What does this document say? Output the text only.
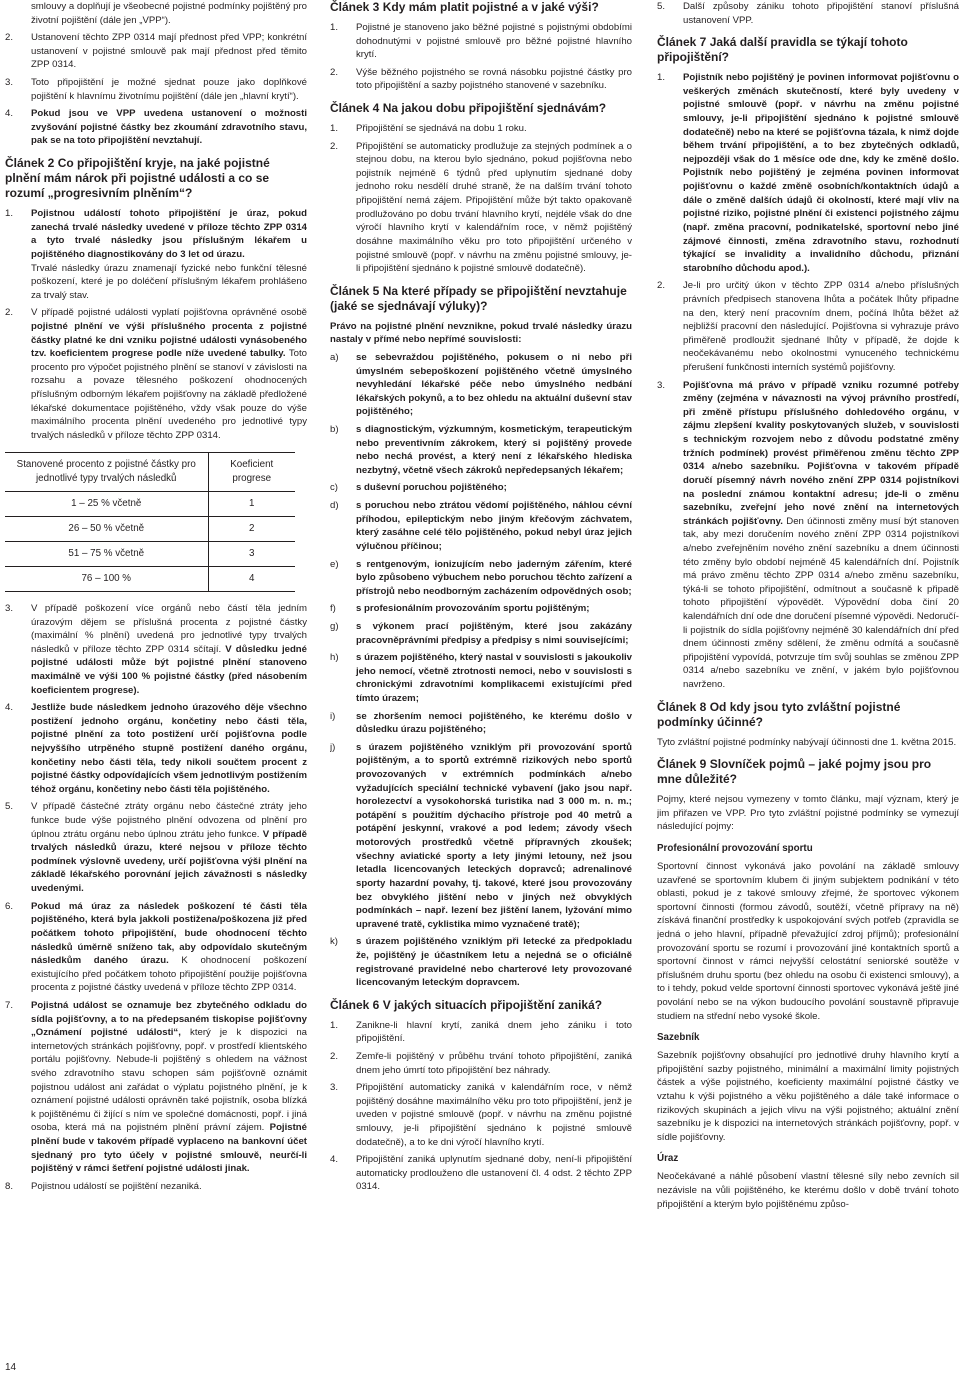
smlouvy a doplňují je všeobecné pojistné podmínky pojištěný pro životní pojištění (dále jen „VPP“).

2.	Ustanovení těchto ZPP 0314 mají přednost před VPP; konkrétní ustanovení v pojistné smlouvě pak mají přednost před těmito ZPP 0314.
3.	Toto připojištění je možné sjednat pouze jako doplňkové pojištění k hlavnímu životnímu pojištění (dále jen „hlavní krytí“).
4.	Pokud jsou ve VPP uvedena ustanovení o možnosti zvyšování pojistné částky bez zkoumání zdravotního stavu, pak se na toto připojištění nevztahují.
Článek 2 Co připojištění kryje, na jaké pojistné plnění mám nárok při pojistné události a co se rozumí „progresivním plněním“?
1.	Pojistnou událostí tohoto připojištění je úraz, pokud zanechá trvalé následky uvedené v příloze těchto ZPP 0314 a tyto trvalé následky jsou příslušným lékařem u pojištěného diagnostikovány do 3 let od úrazu.
Trvalé následky úrazu znamenají fyzické nebo funkční tělesné poškození, které je po doléčení příslušným lékařem prohlášeno za trvalý stav.
2.	V případě pojistné události vyplatí pojišťovna oprávněné osobě pojistné plnění ve výši příslušného procenta z pojistné částky platné ke dni vzniku pojistné události vynásobeného tzv. koeficientem progrese podle níže uvedené tabulky. Toto procento pro výpočet pojistného plnění se stanoví v závislosti na rozsahu a povaze tělesného poškození ohodnocených příslušným odborným lékařem pojišťovny na základě předložené lékařské dokumentace pojištěného, vždy však pouze do výše maximálního procenta plnění uvedeného pro jednotlivé typy trvalých následků v příloze těchto ZPP 0314.
Stanovené procento z pojistné částky pro jednotlivé typy trvalých následků	Koeficient progrese
1 – 25 % včetně	1
26 – 50 % včetně	2
51 – 75 % včetně	3
76 – 100 %	4
3.	V případě poškození více orgánů nebo částí těla jedním úrazovým dějem se příslušná procenta z pojistné částky (maximální % plnění) uvedená pro jednotlivé typy trvalých následků v příloze těchto ZPP 0314 sčítají. V důsledku jedné pojistné události může být pojistné plnění stanoveno maximálně ve výši 100 % pojistné částky (před násobením koeficientem progrese).
4.	Jestliže bude následkem jednoho úrazového děje všechno postižení jednoho orgánu, končetiny nebo části těla, pojistné plnění za toto postižení určí pojišťovna podle nejvyššího utrpěného stupně postižení daného orgánu, končetiny nebo části těla, tedy nikoli součtem procent z pojistné částky odpovídajících všem jednotlivým postižením téhož orgánu, končetiny nebo části těla pojištěného.
5.	V případě částečné ztráty orgánu nebo částečné ztráty jeho funkce bude výše pojistného plnění odvozena od plnění pro úplnou ztrátu orgánu nebo úplnou ztrátu jeho funkce. V případě trvalých následků úrazu, které nejsou v příloze těchto podmínek výslovně uvedeny, určí pojišťovna výši plnění na základě lékařského porovnání jejich závažnosti s následky uvedenými.
6.	Pokud má úraz za následek poškození té části těla pojištěného, která byla jakkoli postižena/poškozena již před počátkem tohoto připojištění, bude ohodnocení těchto následků úměrně sníženo tak, aby odpovídalo skutečným následkům daného úrazu. K ohodnocení poškození existujícího před počátkem tohoto připojištění použije pojišťovna procenta z pojistné částky uvedená v příloze těchto ZPP 0314.
7.	Pojistná událost se oznamuje bez zbytečného odkladu do sídla pojišťovny, a to na předepsaném tiskopise pojišťovny „Oznámení pojistné události“, který je k dispozici na internetových stránkách pojišťovny, popř. v prostředí klientského portálu pojišťovny. Nebude-li pojištěný s ohledem na vážnost svého zdravotního stavu schopen sám pojišťovně oznámit pojistnou událost ani zařádat o výplatu pojistného plnění, je k oznámení pojistné události oprávněn také pojistník, osoba blízká k pojištěnému či žijící s ním ve společné domácnosti, popř. i jiná osoba, která má na pojistném plnění právní zájem. Pojistné plnění bude v takovém případě vyplaceno na bankovní účet sjednaný pro tyto účely v pojistné smlouvě, neurčí-li pojištěný v rámci šetření pojistné události jinak.
8.	Pojistnou událostí se pojištění nezaniká.
Článek 3 Kdy mám platit pojistné a v jaké výši?
1.	Pojistné je stanoveno jako běžné pojistné s pojistnými obdobími dohodnutými v pojistné smlouvě pro běžné pojistné hlavního krytí.
2.	Výše běžného pojistného se rovná násobku pojistné částky pro toto připojištění a sazby pojistného stanovené v sazebníku.
Článek 4 Na jakou dobu připojištění sjednávám?
1.	Připojištění se sjednává na dobu 1 roku.
2.	Připojištění se automaticky prodlužuje za stejných podmínek a o stejnou dobu, na kterou bylo sjednáno, pokud pojišťovna nebo pojistník nejméně 6 týdnů před uplynutím sjednané doby jednoho roku nesdělí druhé straně, že na dalším trvání tohoto připojištění nemá zájem. Připojištění může být takto opakovaně prodlužováno po dobu trvání hlavního krytí, nejdéle však do dne výročí hlavního krytí v kalendářním roce, v němž pojištěný dosáhne maximálního věku pro toto připojištění určeného v pojistné smlouvě (popř. v návrhu na změnu pojistné smlouvy, je-li připojištění sjednáno k pojistné smlouvě dodatečně).
Článek 5 Na které případy se připojištění nevztahuje (jaké se sjednávají výluky)?

Právo na pojistné plnění nevznikne, pokud trvalé následky úrazu nastaly v přímé nebo nepřímé souvislosti:

a)	se sebevraždou pojištěného, pokusem o ni nebo při úmyslném sebepoškození pojištěného včetně úmyslného nevyhledání lékařské péče nebo úmyslného nedbání lékařských pokynů, a to bez ohledu na aktuální duševní stav pojištěného;
b)	s diagnostickým, výzkumným, kosmetickým, terapeutickým nebo preventivním zákrokem, který si pojištěný provede nebo nechá provést, a který není z lékařského hlediska nezbytný, včetně všech zákroků nepředepsaných lékařem;
c)	s duševní poruchou pojištěného;
d)	s poruchou nebo ztrátou vědomí pojištěného, náhlou cévní příhodou, epileptickým nebo jiným křečovým záchvatem, který zasáhne celé tělo pojištěného, pokud nebyl úraz jejich výlučnou příčinou;
e)	s rentgenovým, ionizujícím nebo jaderným zářením, které bylo způsobeno výbuchem nebo poruchou těchto zařízení a přístrojů nebo neodborným zacházením odpovědných osob;
f)	s profesionálním provozováním sportu pojištěným;
g)	s výkonem prací pojištěným, které jsou zakázány pracovněprávními předpisy a předpisy s nimi souvisejícími;
h)	s úrazem pojištěného, který nastal v souvislosti s jakoukoliv jeho nemocí, včetně ztrotnosti nemoci, nebo v souvislosti s chronickými zdravotními komplikacemi existujícími před tímto úrazem;
i)	se zhoršením nemoci pojištěného, ke kterému došlo v důsledku úrazu pojištěného;
j)	s úrazem pojištěného vzniklým při provozování sportů pojištěným, a to sportů extrémně rizikových nebo sportů provozovaných v extrémních podmínkách a/nebo vyžadujících speciální technické vybavení (jako jsou např. horolezectví a vysokohorská turistika nad 3 000 m. n. m.; potápění s použitím dýchacího přístroje pod 40 metrů a potápění jeskynní, vrakové a pod ledem; závody všech motorových prostředků včetně přípravných zkoušek; všechny aviatické sporty a lety jinými letouny, než jsou letadla licencovaných leteckých dopravců; adrenalinové sporty hazardní povahy, tj. takové, které jsou provozovány bez obvyklého jištění nebo v jiných než obvyklých podmínkách – např. lezení bez jištění lanem, lyžování mimo upravené tratě, cyklistika mimo vyznačené tratě);
k)	s úrazem pojištěného vzniklým při letecké za předpokladu že, pojištěný je účastníkem letu a nejedná se o oficiálně registrované pravidelné nebo charterové lety provozované licencovaným leteckým dopravcem.
Článek 6 V jakých situacích připojištění zaniká?
1.	Zanikne-li hlavní krytí, zaniká dnem jeho zániku i toto připojištění.
2.	Zemře-li pojištěný v průběhu trvání tohoto připojištění, zaniká dnem jeho úmrtí toto připojištění bez náhrady.
3.	Připojištění automaticky zaniká v kalendářním roce, v němž pojištěný dosáhne maximálního věku pro toto připojištění, jenž je uveden v pojistné smlouvě (popř. v návrhu na změnu pojistné smlouvy, je-li připojištění sjednáno k pojistné smlouvě dodatečně), a to ke dni výročí hlavního krytí.
4.	Připojištění zaniká uplynutím sjednané doby, není-li připojištění automaticky prodlouženo dle ustanovení čl. 4 odst. 2 těchto ZPP 0314.
5.	Další způsoby zániku tohoto připojištění stanoví příslušná ustanovení VPP.
Článek 7 Jaká další pravidla se týkají tohoto připojištění?
1.	Pojistník nebo pojištěný je povinen informovat pojišťovnu o veškerých změnách skutečností, které byly uvedeny v pojistné smlouvě (popř. v návrhu na změnu pojistné smlouvy, je-li připojištění sjednáno k pojistné smlouvě dodatečně) nebo na které se pojišťovna tázala, k nimž dojde během trvání připojištění, a to bez zbytečných odkladů, nejpozději však do 1 měsíce ode dne, kdy ke změně došlo. Pojistník nebo pojištěný je zejména povinen informovat pojišťovnu o každé změně osobních/kontaktních údajů a dále o změně dalších údajů či okolností, které mají vliv na pojistné riziko, pojistné plnění či existenci pojistného zájmu (např. změna pracovní, podnikatelské, sportovní nebo jiné zájmové činnosti, změna zdravotního stavu, rozhodnutí týkající se invalidity a invalidního důchodu, přiznání starobního důchodu apod.).
2.	Je-li pro určitý úkon v těchto ZPP 0314 a/nebo příslušných právních předpisech stanovena lhůta a počátek lhůty připadne na den, který není pracovním dnem, počíná lhůta běžet až nejbližší pracovní den následující. Pojišťovna si vyhrazuje právo přiměřeně prodloužit sjednané lhůty v případě, že dojde k neočekávanému nebo okolnostmi vynuceného technickému přerušení funkčnosti interních systémů pojišťovny.
3.	Pojišťovna má právo v případě vzniku rozumné potřeby změny (zejména v návaznosti na vývoj právního prostředí, při změně přístupu příslušného dohledového orgánu, v zájmu zlepšení kvality poskytovaných služeb, v souvislosti s technickým rozvojem nebo z důvodu podstatné změny tržních podmínek) provést přiměřenou změnu těchto ZPP 0314 a/nebo sazebníku. Pojišťovna v takovém případě doručí písemný návrh nového znění ZPP 0314 pojistníkovi na poslední známou kontaktní adresu; jde-li o změnu sazebníku, zveřejní jeho nové znění na internetových stránkách pojišťovny. Den účinnosti změny musí být stanoven tak, aby mezi doručením nového znění ZPP 0314 pojistníkovi a/nebo zveřejněním nového znění sazebníku a dnem účinnosti této změny bylo období nejméně 45 kalendářních dní. Pojistník má právo změnu těchto ZPP 0314 a/nebo změnu sazebníku, týká-li se tohoto připojištění, odmítnout a současně k připadě tohoto připojištění výpovědět. Výpovědní doba činí 20 kalendářních dní ode dne doručení písemné výpovědi. Nedoručí-li pojistník do sídla pojišťovny nejméně 30 kalendářních dní před dnem účinnosti změny sdělení, že změnu odmítá a současně připojištění vypovídá, potvrzuje tím svůj souhlas se změnou ZPP 0314 a/nebo sazebníku ve znění, v jakém bylo pojišťovnou navrženo.
Článek 8 Od kdy jsou tyto zvláštní pojistné podmínky účinné?

Tyto zvláštní pojistné podmínky nabývají účinnosti dne 1. května 2015.

Článek 9 Slovníček pojmů – jaké pojmy jsou pro mne důležité?

Pojmy, které nejsou vymezeny v tomto článku, mají význam, který je jim přiřazen ve VPP. Pro tyto zvláštní pojistné podmínky se vymezují následující pojmy:

Profesionální provozování sportu

Sportovní činnost vykonává jako povolání na základě smlouvy uzavřené se sportovním klubem či jiným subjektem podnikání v této oblasti, pokud je z takové smlouvy zřejmé, že sportovec výkonem sportovní činnosti (formou závodů, soutěží, včetně přípravy na ně) získává finanční prostředky k uspokojování svých potřeb (zpravidla se jedná o jeho hlavní, případně převažující zdroj příjmů); profesionální provozování sportu se rozumí i provozování jiné kontaktních sportů a sportovní činnost v rámci nejvyšší celostátní seniorské soutěže v příslušném druhu sportu (bez ohledu na osobu či existenci smlouvy), a to i tehdy, pokud velde sportovní činnosti sportovec vykonává ještě jiné povolání nebo se na výkon budoucího povolání soustavně připravuje studiem na střední nebo vysoké škole.

Sazebník

Sazebník pojišťovny obsahující pro jednotlivé druhy hlavního krytí a připojištění sazby pojistného, minimální a maximální limity pojistných částek a výše pojistného, koeficienty maximální pojistné částky ve vztahu k výši pojistného a věku pojištěného a dále také informace o rizikových skupinách a jejich vlivu na výši pojistného; aktuální znění sazebníku je k dispozici na internetových stránkách pojišťovny, popř. v sídle pojišťovny.

Úraz

Neočekávané a náhlé působení vlastní tělesné síly nebo zevních sil nezávisle na vůli pojištěného, ke kterému došlo v době trvání tohoto připojištění a kterým bylo pojištěnému způso-

14
